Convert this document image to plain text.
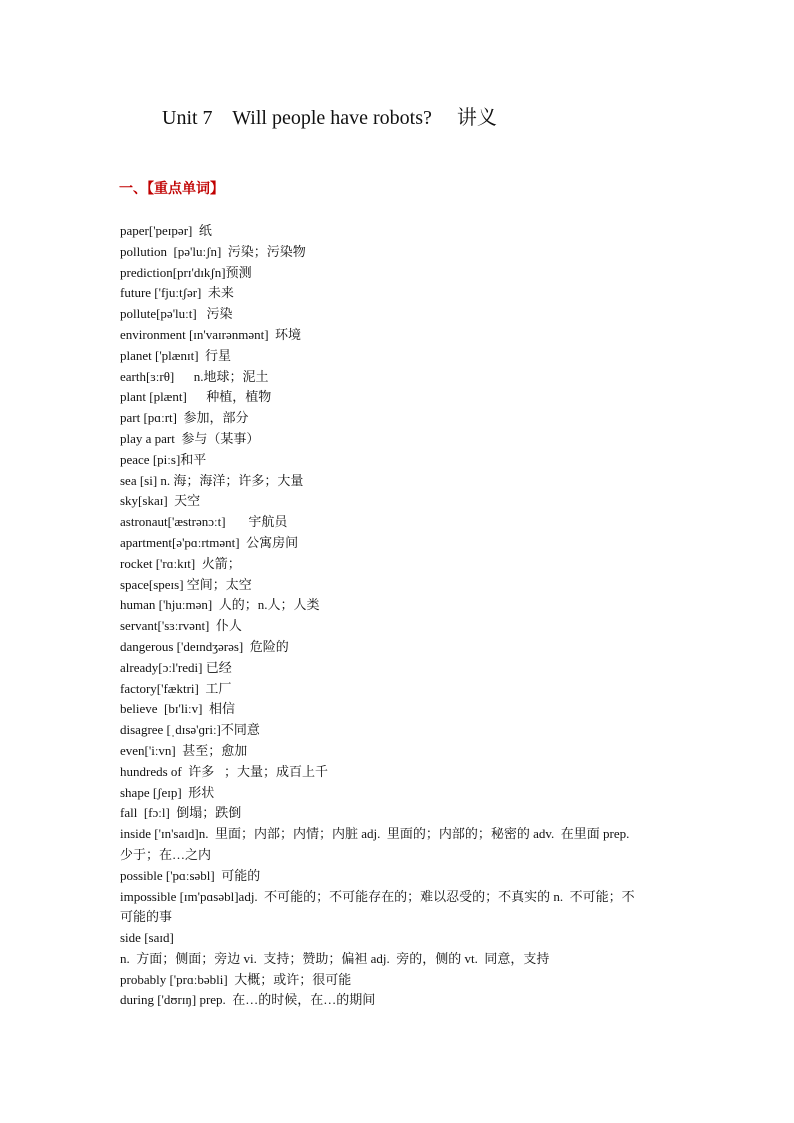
Unit 7    Will people have robots?     讲义
一、【重点单词】
paper['peɪpər]  纸
pollution  [pə'luːʃn]  污染；污染物
prediction[prɪ'dɪkʃn]预测
future ['fjuːtʃər]  未来
pollute[pə'luːt]   污染
environment [ɪn'vaɪrənmənt]  环境
planet ['plænɪt]  行星
earth[ɜːrθ]      n.地球；泥土
plant [plænt]      种植，植物
part [pɑːrt]  参加，部分
play a part  参与（某事）
peace [piːs]和平
sea [si] n. 海；海洋；许多；大量
sky[skaɪ]  天空
astronaut['æstrənɔːt]       宇航员
apartment[ə'pɑːrtmənt]  公寓房间
rocket ['rɑːkɪt]  火箭；
space[speɪs] 空间；太空
human ['hjuːmən]  人的；n.人；人类
servant['sɜːrvənt]  仆人
dangerous ['deɪndʒərəs]  危险的
already[ɔːl'redi] 已经
factory['fæktri]  工厂
believe  [bɪ'liːv]  相信
disagree [ˌdɪsə'ɡriː]不同意
even['iːvn]  甚至；愈加
hundreds of  许多   ；大量；成百上千
shape [ʃeɪp]  形状
fall  [fɔːl]  倒塌；跌倒
inside ['ɪn'saɪd]n.  里面；内部；内情；内脏 adj.  里面的；内部的；秘密的 adv.  在里面 prep.
少于；在…之内
possible ['pɑːsəbl]  可能的
impossible [ɪm'pɑsəbl]adj.  不可能的；不可能存在的；难以忍受的；不真实的 n.  不可能；不
可能的事
side [saɪd]
n.  方面；侧面；旁边 vi.  支持；赞助；偏袒 adj.  旁的，侧的 vt.  同意，支持
probably ['prɑːbəbli]  大概；或许；很可能
during ['dʊrɪŋ] prep.  在…的时候，在…的期间
